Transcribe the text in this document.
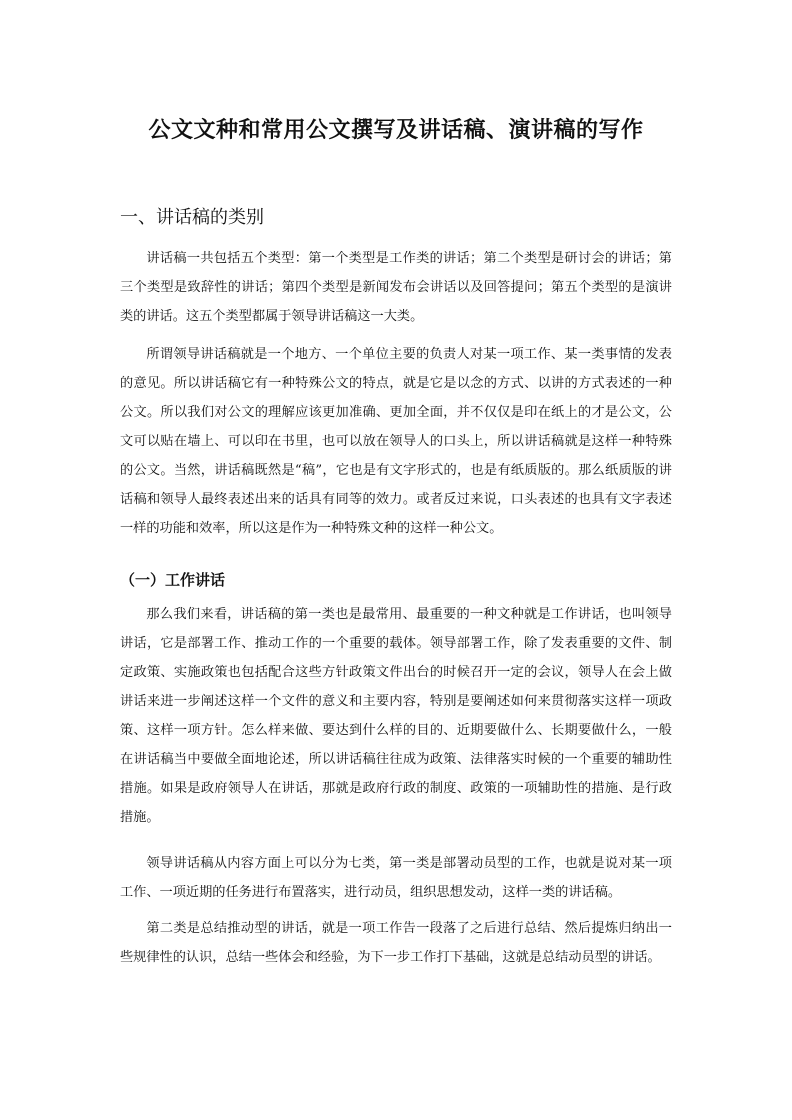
公文文种和常用公文撰写及讲话稿、演讲稿的写作
一、讲话稿的类别

讲话稿一共包括五个类型：第一个类型是工作类的讲话；第二个类型是研讨会的讲话；第三个类型是致辞性的讲话；第四个类型是新闻发布会讲话以及回答提问；第五个类型的是演讲类的讲话。这五个类型都属于领导讲话稿这一大类。

所谓领导讲话稿就是一个地方、一个单位主要的负责人对某一项工作、某一类事情的发表的意见。所以讲话稿它有一种特殊公文的特点，就是它是以念的方式、以讲的方式表述的一种公文。所以我们对公文的理解应该更加准确、更加全面，并不仅仅是印在纸上的才是公文，公文可以贴在墙上、可以印在书里，也可以放在领导人的口头上，所以讲话稿就是这样一种特殊的公文。当然，讲话稿既然是“稿”，它也是有文字形式的，也是有纸质版的。那么纸质版的讲话稿和领导人最终表述出来的话具有同等的效力。或者反过来说，口头表述的也具有文字表述一样的功能和效率，所以这是作为一种特殊文种的这样一种公文。

（一）工作讲话

那么我们来看，讲话稿的第一类也是最常用、最重要的一种文种就是工作讲话，也叫领导讲话，它是部署工作、推动工作的一个重要的载体。领导部署工作，除了发表重要的文件、制定政策、实施政策也包括配合这些方针政策文件出台的时候召开一定的会议，领导人在会上做讲话来进一步阐述这样一个文件的意义和主要内容，特别是要阐述如何来贯彻落实这样一项政策、这样一项方针。怎么样来做、要达到什么样的目的、近期要做什么、长期要做什么，一般在讲话稿当中要做全面地论述，所以讲话稿往往成为政策、法律落实时候的一个重要的辅助性措施。如果是政府领导人在讲话，那就是政府行政的制度、政策的一项辅助性的措施、是行政措施。

领导讲话稿从内容方面上可以分为七类，第一类是部署动员型的工作，也就是说对某一项工作、一项近期的任务进行布置落实，进行动员，组织思想发动，这样一类的讲话稿。

第二类是总结推动型的讲话，就是一项工作告一段落了之后进行总结、然后提炼归纳出一些规律性的认识，总结一些体会和经验，为下一步工作打下基础，这就是总结动员型的讲话。
